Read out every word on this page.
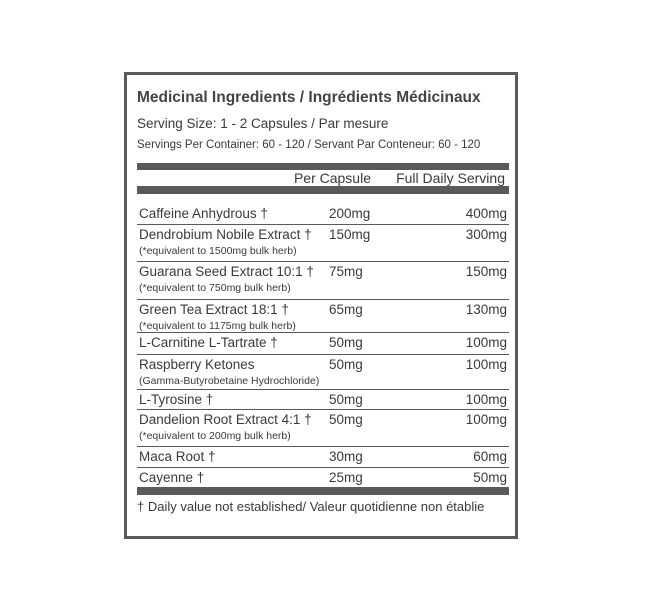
Medicinal Ingredients / Ingrédients Médicinaux
Serving Size: 1 - 2 Capsules / Par mesure
Servings Per Container: 60 - 120 / Servant Par Conteneur: 60 - 120
Per Capsule Full Daily Serving
Caffeine Anhydrous †	200mg	400mg
Dendrobium Nobile Extract †
(*equivalent to 1500mg bulk herb)
150mg	300mg
Guarana Seed Extract 10:1 †
(*equivalent to 750mg bulk herb)
75mg	150mg
Green Tea Extract 18:1 †
(*equivalent to 1175mg bulk herb)
65mg	130mg
L-Carnitine L-Tartrate †	50mg	100mg
Raspberry Ketones
(Gamma-Butyrobetaine Hydrochloride)
50mg	100mg
L-Tyrosine †	50mg	100mg
Dandelion Root Extract 4:1 †
(*equivalent to 200mg bulk herb)
50mg	100mg
Maca Root †	30mg	60mg
Cayenne †	25mg	50mg
† Daily value not established/ Valeur quotidienne non établie
